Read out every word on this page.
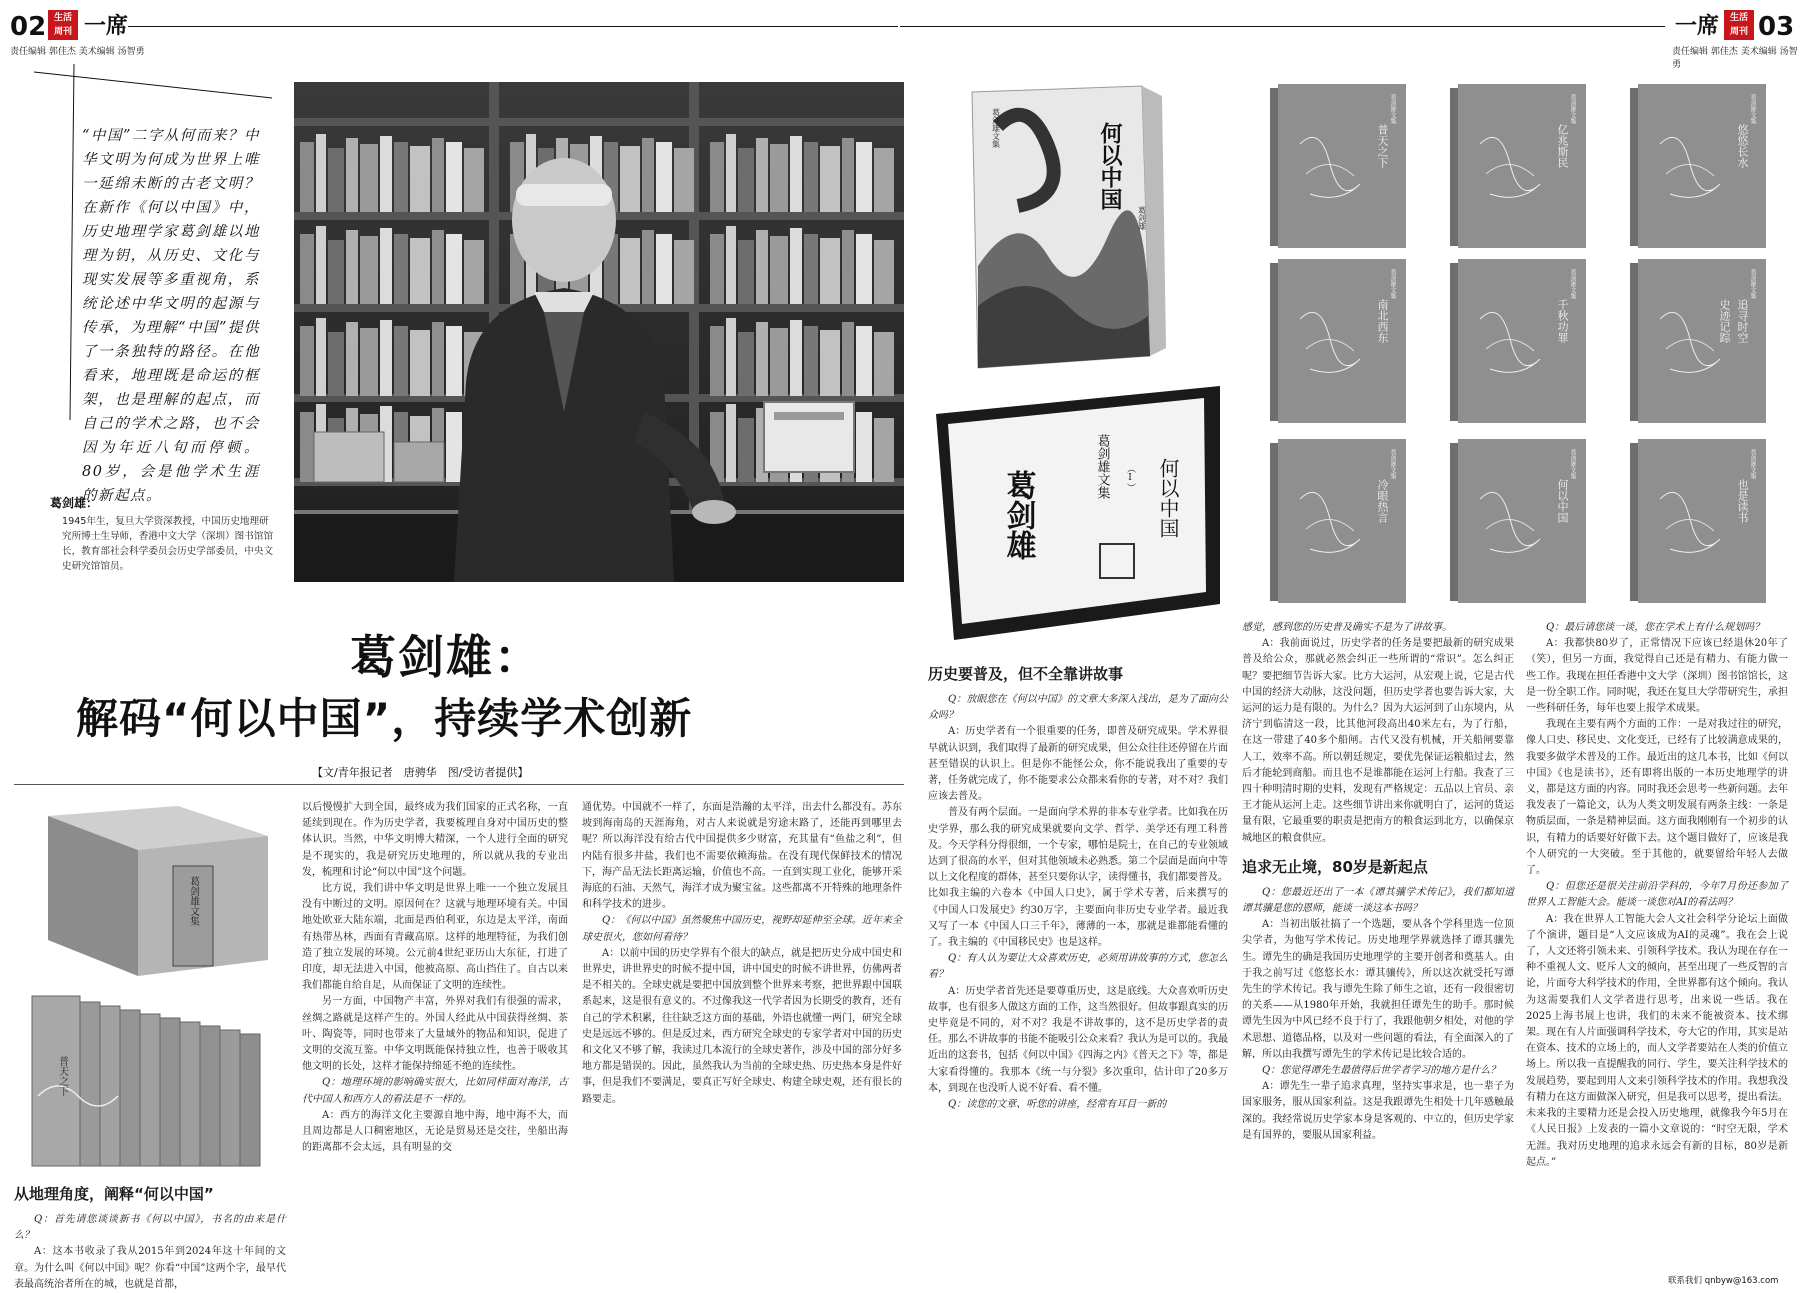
02 生活
周刊 一席
责任编辑 郭佳杰 美术编辑 汤智勇
一席	生活
周刊 03
责任编辑 郭佳杰 美术编辑 汤智勇
“中国”二字从何而来？中华文明为何成为世界上唯一延绵未断的古老文明？在新作《何以中国》中，历史地理学家葛剑雄以地理为钥，从历史、文化与现实发展等多重视角，系统论述中华文明的起源与传承，为理解“中国”提供了一条独特的路径。在他看来，地理既是命运的框架，也是理解的起点，而自己的学术之路，也不会因为年近八旬而停顿。80岁，会是他学术生涯的新起点。
葛剑雄：
1945年生，复旦大学资深教授，中国历史地理研究所博士生导师，香港中文大学（深圳）图书馆馆长，教育部社会科学委员会历史学部委员，中央文史研究馆馆员。
葛剑雄：
解码“何以中国”，持续学术创新
【文/青年报记者　唐骋华　图/受访者提供】
葛剑雄文集
普天之下
葛剑雄文集	何以中国
葛剑雄
葛剑雄文集 （Ⅰ） 何以中国
葛剑雄
普天之下
葛剑雄文集
亿兆斯民
葛剑雄文集
悠悠长水
葛剑雄文集
南北西东
葛剑雄文集
千秋功罪
葛剑雄文集
追寻时空
葛剑雄文集
冷眼热言
葛剑雄文集
何以中国
葛剑雄文集
也是读书
葛剑雄文集
史迹记踪
从地理角度，阐释“何以中国”

Q：首先请您谈谈新书《何以中国》，书名的由来是什么？

A：这本书收录了我从2015年到2024年这十年间的文章。为什么叫《何以中国》呢？你看“中国”这两个字，最早代表最高统治者所在的城，也就是首都，

以后慢慢扩大到全国，最终成为我们国家的正式名称，一直延续到现在。作为历史学者，我要梳理自身对中国历史的整体认识。当然，中华文明博大精深，一个人进行全面的研究是不现实的，我是研究历史地理的，所以就从我的专业出发，梳理和讨论“何以中国”这个问题。

比方说，我们讲中华文明是世界上唯一一个独立发展且没有中断过的文明。原因何在？这就与地理环境有关。中国地处欧亚大陆东端，北面是西伯利亚，东边是太平洋，南面有热带丛林，西面有青藏高原。这样的地理特征，为我们创造了独立发展的环境。公元前4世纪亚历山大东征，打进了印度，却无法进入中国，他被高原、高山挡住了。自古以来我们都能自给自足，从而保证了文明的连续性。

另一方面，中国物产丰富，外界对我们有很强的需求，丝绸之路就是这样产生的。外国人经此从中国获得丝绸、茶叶、陶瓷等，同时也带来了大量域外的物品和知识，促进了文明的交流互鉴。中华文明既能保持独立性，也善于吸收其他文明的长处，这样才能保持绵延不绝的连续性。

Q：地理环境的影响确实很大，比如同样面对海洋，古代中国人和西方人的看法是不一样的。

A：西方的海洋文化主要源自地中海，地中海不大，而且周边都是人口稠密地区，无论是贸易还是交往，坐船出海的距离都不会太远，具有明显的交

通优势。中国就不一样了，东面是浩瀚的太平洋，出去什么都没有。苏东坡到海南岛的天涯海角，对古人来说就是穷途末路了，还能再到哪里去呢？所以海洋没有给古代中国提供多少财富，充其量有“鱼盐之利”，但内陆有很多井盐，我们也不需要依赖海盐。在没有现代保鲜技术的情况下，海产品无法长距离运输，价值也不高。一直到实现工业化，能够开采海底的石油、天然气，海洋才成为聚宝盆。这些都离不开特殊的地理条件和科学技术的进步。

Q：《何以中国》虽然聚焦中国历史，视野却延伸至全球。近年来全球史很火，您如何看待？

A：以前中国的历史学界有个很大的缺点，就是把历史分成中国史和世界史，讲世界史的时候不提中国，讲中国史的时候不讲世界，仿佛两者是不相关的。全球史就是要把中国放到整个世界来考察，把世界跟中国联系起来，这是很有意义的。不过像我这一代学者因为长期受的教育，还有自己的学术积累，往往缺乏这方面的基础，外语也就懂一两门，研究全球史是远远不够的。但是反过来，西方研究全球史的专家学者对中国的历史和文化又不够了解，我读过几本流行的全球史著作，涉及中国的部分好多地方都是错误的。因此，虽然我认为当前的全球史热、历史热本身是件好事，但是我们不要满足，要真正写好全球史、构建全球史观，还有很长的路要走。

历史要普及，但不全靠讲故事

Q：放眼您在《何以中国》的文章大多深入浅出，是为了面向公众吗？

A：历史学者有一个很重要的任务，即普及研究成果。学术界很早就认识到，我们取得了最新的研究成果，但公众往往还停留在片面甚至错误的认识上。但是你不能怪公众，你不能说我出了重要的专著，任务就完成了，你不能要求公众都来看你的专著，对不对？我们应该去普及。

普及有两个层面。一是面向学术界的非本专业学者。比如我在历史学界，那么我的研究成果就要向文学、哲学、美学还有理工科普及。今天学科分得很细，一个专家，哪怕是院士，在自己的专业领域达到了很高的水平，但对其他领域未必熟悉。第二个层面是面向中等以上文化程度的群体，甚至只要你认字，读得懂书，我们都要普及。比如我主编的六卷本《中国人口史》，属于学术专著，后来撰写的《中国人口发展史》约30万字，主要面向非历史专业学者。最近我又写了一本《中国人口三千年》，薄薄的一本，那就是谁都能看懂的了。我主编的《中国移民史》也是这样。

Q：有人认为要让大众喜欢历史，必须用讲故事的方式，您怎么看？

A：历史学者首先还是要尊重历史，这是底线。大众喜欢听历史故事，也有很多人做这方面的工作，这当然很好。但故事跟真实的历史毕竟是不同的，对不对？我是不讲故事的，这不是历史学者的责任。那么不讲故事的书能不能吸引公众来看？我认为是可以的。我最近出的这套书，包括《何以中国》《四海之内》《普天之下》等，都是大家看得懂的。我那本《统一与分裂》多次重印，估计印了20多万本，到现在也没听人说不好看、看不懂。

Q：读您的文章、听您的讲座，经常有耳目一新的

感觉，感到您的历史普及确实不是为了讲故事。

A：我前面说过，历史学者的任务是要把最新的研究成果普及给公众，那就必然会纠正一些所谓的“常识”。怎么纠正呢？要把细节告诉大家。比方大运河，从宏观上说，它是古代中国的经济大动脉，这没问题，但历史学者也要告诉大家，大运河的运力是有限的。为什么？因为大运河到了山东境内，从济宁到临清这一段，比其他河段高出40米左右，为了行船，在这一带建了40多个船闸。古代又没有机械，开关船闸要靠人工，效率不高。所以朝廷规定，要优先保证运粮船过去，然后才能轮到商船。而且也不是谁都能在运河上行船。我查了三四十种明清时期的史料，发现有严格规定：五品以上官员、亲王才能从运河上走。这些细节讲出来你就明白了，运河的货运量有限，它最重要的职责是把南方的粮食运到北方，以确保京城地区的粮食供应。

追求无止境，80岁是新起点

Q：您最近还出了一本《谭其骧学术传记》，我们都知道谭其骧是您的恩师，能谈一谈这本书吗？

A：当初出版社搞了一个选题，要从各个学科里选一位顶尖学者，为他写学术传记。历史地理学界就选择了谭其骧先生。谭先生的确是我国历史地理学的主要开创者和奠基人。由于我之前写过《悠悠长水：谭其骧传》，所以这次就受托写谭先生的学术传记。我与谭先生除了师生之谊，还有一段很密切的关系——从1980年开始，我就担任谭先生的助手。那时候谭先生因为中风已经不良于行了，我跟他朝夕相处，对他的学术思想、道德品格，以及对一些问题的看法，有全面深入的了解，所以由我撰写谭先生的学术传记是比较合适的。

Q：您觉得谭先生最值得后世学者学习的地方是什么？

A：谭先生一辈子追求真理，坚持实事求是，也一辈子为国家服务，服从国家利益。这是我跟谭先生相处十几年感触最深的。我经常说历史学家本身是客观的、中立的，但历史学家是有国界的，要服从国家利益。

Q：最后请您谈一谈，您在学术上有什么规划吗？

A：我都快80岁了，正常情况下应该已经退休20年了（笑），但另一方面，我觉得自己还是有精力、有能力做一些工作。我现在担任香港中文大学（深圳）图书馆馆长，这是一份全职工作。同时呢，我还在复旦大学带研究生，承担一些科研任务，每年也要上报学术成果。

我现在主要有两个方面的工作：一是对我过往的研究，像人口史、移民史、文化变迁，已经有了比较满意成果的，我要多做学术普及的工作。最近出的这几本书，比如《何以中国》《也是读书》，还有即将出版的一本历史地理学的讲义，都是这方面的内容。同时我还会思考一些新问题。去年我发表了一篇论文，认为人类文明发展有两条主线：一条是物质层面，一条是精神层面。这方面我刚刚有一个初步的认识，有精力的话要好好做下去。这个题目做好了，应该是我个人研究的一大突破。至于其他的，就要留给年轻人去做了。

Q：但您还是很关注前沿学科的，今年7月份还参加了世界人工智能大会。能谈一谈您对AI的看法吗？

A：我在世界人工智能大会人文社会科学分论坛上面做了个演讲，题目是“人文应该成为AI的灵魂”。我在会上说了，人文还将引领未来、引领科学技术。我认为现在存在一种不重视人文、贬斥人文的倾向，甚至出现了一些反智的言论，片面夸大科学技术的作用，全世界都有这个倾向。我认为这需要我们人文学者进行思考，出来说一些话。我在2025上海书展上也讲，我们的未来不能被资本、技术绑架。现在有人片面强调科学技术，夸大它的作用，其实是站在资本、技术的立场上的，而人文学者要站在人类的价值立场上。所以我一直提醒我的同行、学生，要关注科学技术的发展趋势，要起到用人文来引领科学技术的作用。我想我没有精力在这方面做深入研究，但是我可以思考，提出看法。未来我的主要精力还是会投入历史地理，就像我今年5月在《人民日报》上发表的一篇小文章说的：“时空无限，学术无涯。我对历史地理的追求永远会有新的目标，80岁是新起点。”

联系我们 qnbyw@163.com
